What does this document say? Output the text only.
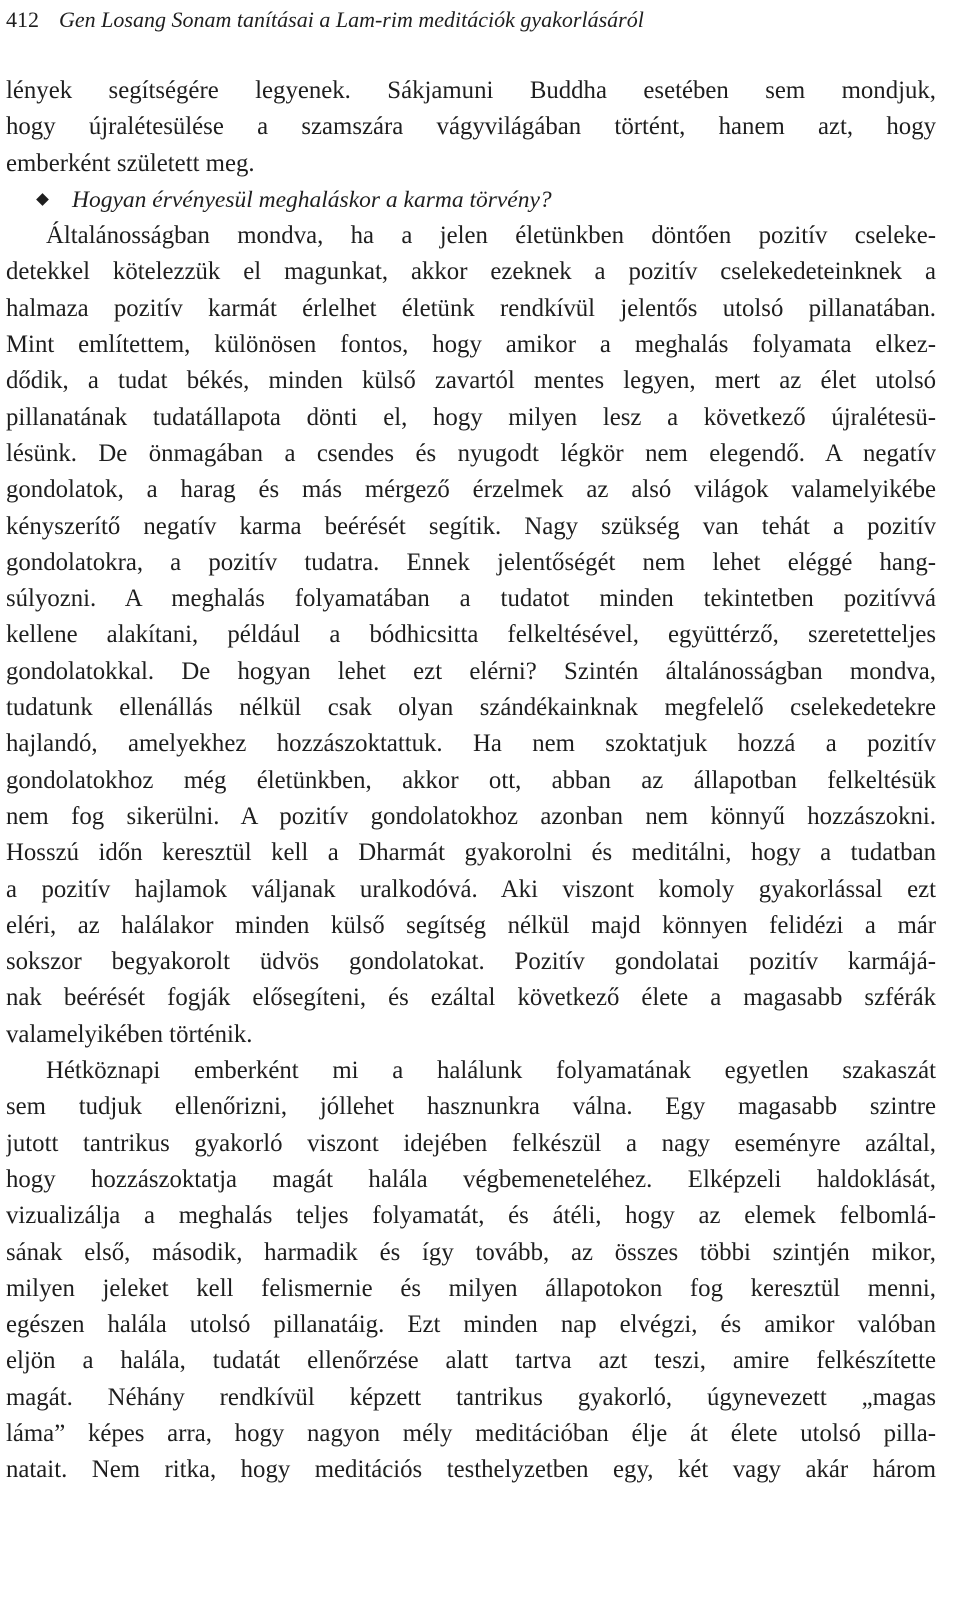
412 Gen Losang Sonam tanításai a Lam-rim meditációk gyakorlásáról
lények segítségére legyenek. Sákjamuni Buddha esetében sem mondjuk,
hogy újralétesülése a szamszára vágyvilágában történt, hanem azt, hogy
emberként született meg.
Hogyan érvényesül meghaláskor a karma törvény?
Általánosságban mondva, ha a jelen életünkben döntően pozitív cseleke-
detekkel kötelezzük el magunkat, akkor ezeknek a pozitív cselekedeteinknek a
halmaza pozitív karmát érlelhet életünk rendkívül jelentős utolsó pillanatában.
Mint említettem, különösen fontos, hogy amikor a meghalás folyamata elkez-
dődik, a tudat békés, minden külső zavartól mentes legyen, mert az élet utolsó
pillanatának tudatállapota dönti el, hogy milyen lesz a következő újralétesü-
lésünk. De önmagában a csendes és nyugodt légkör nem elegendő. A negatív
gondolatok, a harag és más mérgező érzelmek az alsó világok valamelyikébe
kényszerítő negatív karma beérését segítik. Nagy szükség van tehát a pozitív
gondolatokra, a pozitív tudatra. Ennek jelentőségét nem lehet eléggé hang-
súlyozni. A meghalás folyamatában a tudatot minden tekintetben pozitívvá
kellene alakítani, például a bódhicsitta felkeltésével, együttérző, szeretetteljes
gondolatokkal. De hogyan lehet ezt elérni? Szintén általánosságban mondva,
tudatunk ellenállás nélkül csak olyan szándékainknak megfelelő cselekedetekre
hajlandó, amelyekhez hozzászoktattuk. Ha nem szoktatjuk hozzá a pozitív
gondolatokhoz még életünkben, akkor ott, abban az állapotban felkeltésük
nem fog sikerülni. A pozitív gondolatokhoz azonban nem könnyű hozzászokni.
Hosszú időn keresztül kell a Dharmát gyakorolni és meditálni, hogy a tudatban
a pozitív hajlamok váljanak uralkodóvá. Aki viszont komoly gyakorlással ezt
eléri, az halálakor minden külső segítség nélkül majd könnyen felidézi a már
sokszor begyakorolt üdvös gondolatokat. Pozitív gondolatai pozitív karmájá-
nak beérését fogják elősegíteni, és ezáltal következő élete a magasabb szférák
valamelyikében történik.
Hétköznapi emberként mi a halálunk folyamatának egyetlen szakaszát
sem tudjuk ellenőrizni, jóllehet hasznunkra válna. Egy magasabb szintre
jutott tantrikus gyakorló viszont idejében felkészül a nagy eseményre azáltal,
hogy hozzászoktatja magát halála végbemeneteléhez. Elképzeli haldoklását,
vizualizálja a meghalás teljes folyamatát, és átéli, hogy az elemek felbomlá-
sának első, második, harmadik és így tovább, az összes többi szintjén mikor,
milyen jeleket kell felismernie és milyen állapotokon fog keresztül menni,
egészen halála utolsó pillanatáig. Ezt minden nap elvégzi, és amikor valóban
eljön a halála, tudatát ellenőrzése alatt tartva azt teszi, amire felkészítette
magát. Néhány rendkívül képzett tantrikus gyakorló, úgynevezett „magas
láma” képes arra, hogy nagyon mély meditációban élje át élete utolsó pilla-
natait. Nem ritka, hogy meditációs testhelyzetben egy, két vagy akár három
